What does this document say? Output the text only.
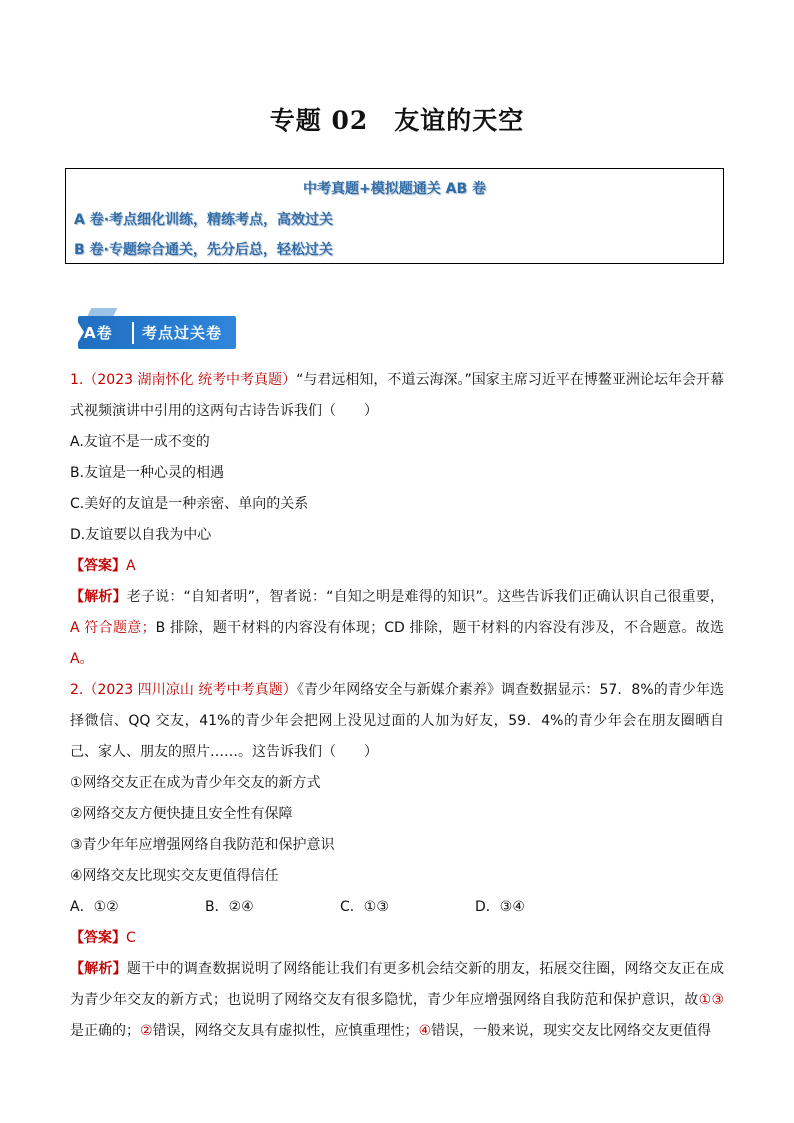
专题 02　友谊的天空
中考真题+模拟题通关 AB 卷
A 卷·考点细化训练，精练考点，高效过关
B 卷·专题综合通关，先分后总，轻松过关
A卷 考点过关卷

1.（2023 湖南怀化 统考中考真题）“与君远相知，不道云海深。”国家主席习近平在博鳌亚洲论坛年会开幕式视频演讲中引用的这两句古诗告诉我们（　　）

A.友谊不是一成不变的

B.友谊是一种心灵的相遇

C.美好的友谊是一种亲密、单向的关系

D.友谊要以自我为中心

【答案】A

【解析】老子说：“自知者明”，智者说：“自知之明是难得的知识”。这些告诉我们正确认识自己很重要，A 符合题意；B 排除，题干材料的内容没有体现；CD 排除，题干材料的内容没有涉及，不合题意。故选A。

2.（2023 四川凉山 统考中考真题）《青少年网络安全与新媒介素养》调查数据显示：57．8%的青少年选择微信、QQ 交友，41%的青少年会把网上没见过面的人加为好友，59．4%的青少年会在朋友圈晒自己、家人、朋友的照片……。这告诉我们（　　）

①网络交友正在成为青少年交友的新方式

②网络交友方便快捷且安全性有保障

③青少年年应增强网络自我防范和保护意识

④网络交友比现实交友更值得信任

A．①②	B．②④	C．①③	D．③④

【答案】C

【解析】题干中的调查数据说明了网络能让我们有更多机会结交新的朋友，拓展交往圈，网络交友正在成为青少年交友的新方式；也说明了网络交友有很多隐忧，青少年应增强网络自我防范和保护意识，故①③是正确的；②错误，网络交友具有虚拟性，应慎重理性；④错误，一般来说，现实交友比网络交友更值得
